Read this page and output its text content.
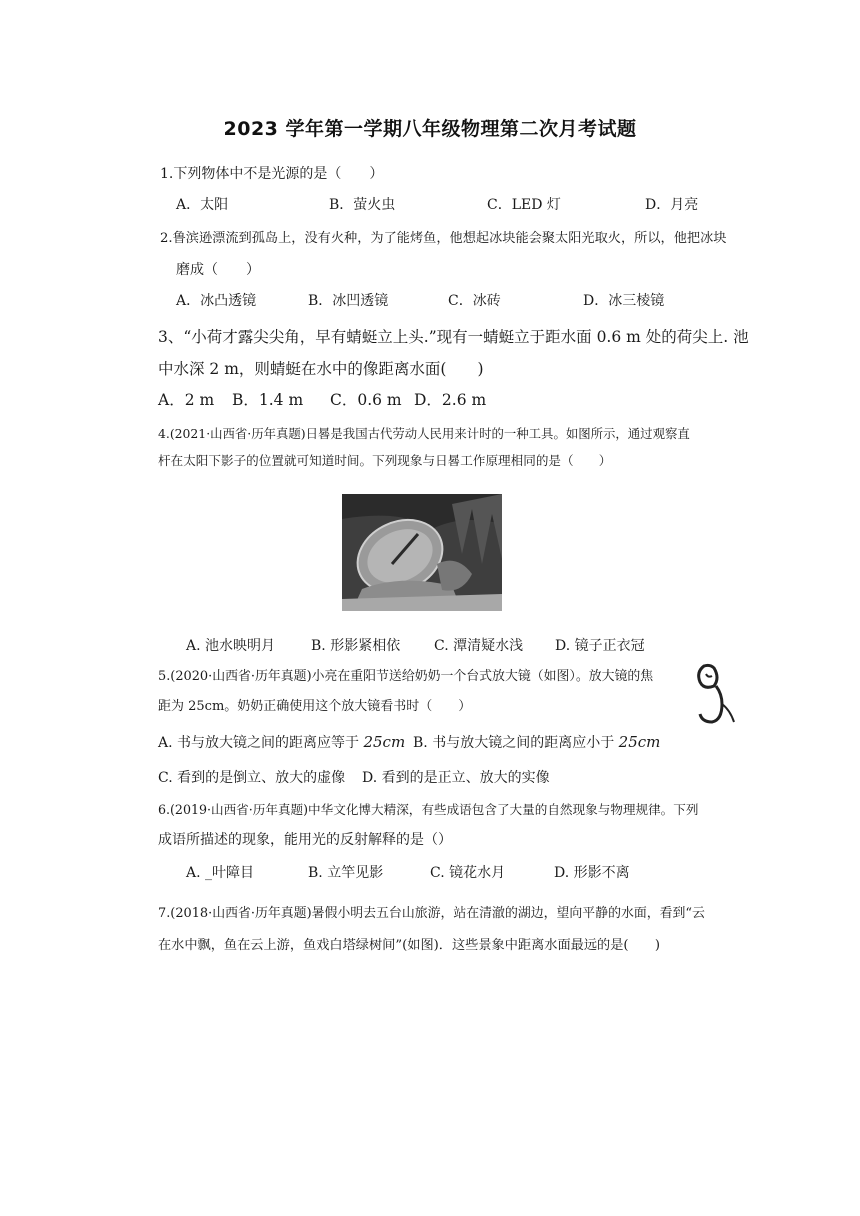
2023 学年第一学期八年级物理第二次月考试题
1.下列物体中不是光源的是（　　）
A．太阳	B．萤火虫	C．LED 灯	D．月亮
2.鲁滨逊漂流到孤岛上，没有火种，为了能烤鱼，他想起冰块能会聚太阳光取火，所以，他把冰块
磨成（　　）
A．冰凸透镜	B．冰凹透镜	C．冰砖	D．冰三棱镜
3、“小荷才露尖尖角，早有蜻蜓立上头.”现有一蜻蜓立于距水面 0.6 m 处的荷尖上. 池
中水深 2 m，则蜻蜓在水中的像距离水面(　　)
A．2 m B．1.4 m C．0.6 m D．2.6 m
4.(2021·山西省·历年真题)日晷是我国古代劳动人民用来计时的一种工具。如图所示，通过观察直
杆在太阳下影子的位置就可知道时间。下列现象与日晷工作原理相同的是（　　）
A. 池水映明月	B. 形影紧相依 C. 潭清疑水浅 D. 镜子正衣冠
5.(2020·山西省·历年真题)小亮在重阳节送给奶奶一个台式放大镜（如图）。放大镜的焦
距为 25cm。奶奶正确使用这个放大镜看书时（　　）
A. 书与放大镜之间的距离应等于 25cm B. 书与放大镜之间的距离应小于 25cm
C. 看到的是倒立、放大的虚像 D. 看到的是正立、放大的实像
6.(2019·山西省·历年真题)中华文化博大精深，有些成语包含了大量的自然现象与物理规律。下列
成语所描述的现象，能用光的反射解释的是（）
A. _叶障目	B. 立竿见影	C. 镜花水月	D. 形影不离
7.(2018·山西省·历年真题)暑假小明去五台山旅游，站在清澈的湖边，望向平静的水面，看到“云
在水中飘，鱼在云上游，鱼戏白塔绿树间”(如图)．这些景象中距离水面最远的是(　　)
